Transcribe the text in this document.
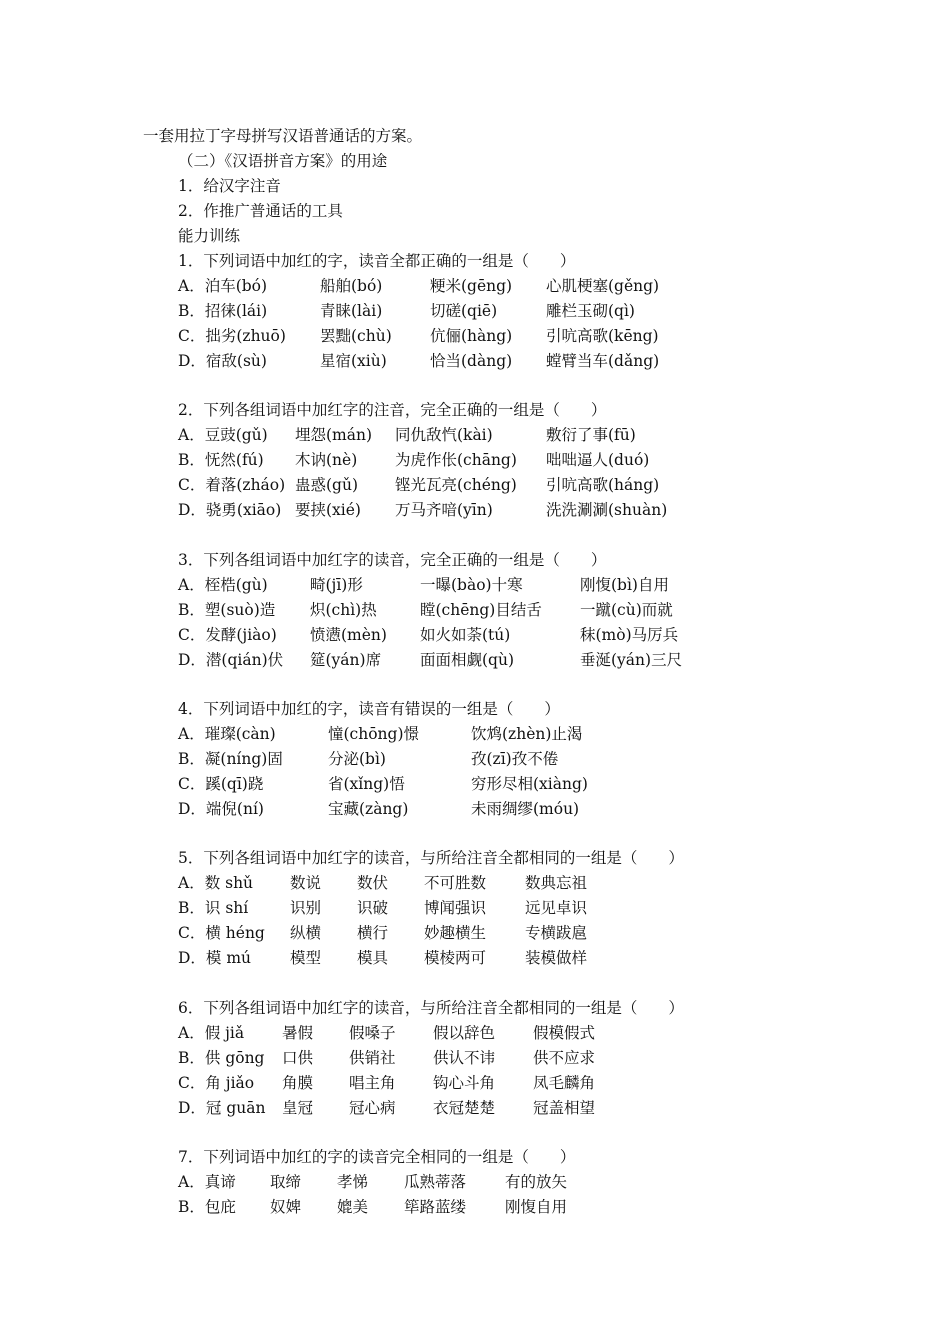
一套用拉丁字母拼写汉语普通话的方案。
（二）《汉语拼音方案》的用途
1．给汉字注音
2．作推广普通话的工具
能力训练
1．下列词语中加红的字，读音全都正确的一组是（　　）
A．泊车(bó)	船舶(bó)	粳米(gēng) 心肌梗塞(gěng)
B．招徕(lái)	青睐(lài)	切磋(qiē)	雕栏玉砌(qì)
C．拙劣(zhuō) 罢黜(chù) 伉俪(hàng) 引吭高歌(kēng)
D．宿敌(sù)	星宿(xiù)	恰当(dàng) 螳臂当车(dǎng)
2．下列各组词语中加红字的注音，完全正确的一组是（　　）
A．豆豉(gǔ) 埋怨(mán) 同仇敌忾(kài)	敷衍了事(fū)
B．怃然(fú) 木讷(nè) 为虎作伥(chāng) 咄咄逼人(duó)
C．着落(zháo) 蛊惑(gǔ) 铿光瓦亮(chéng) 引吭高歌(háng)
D．骁勇(xiāo) 要挟(xié) 万马齐喑(yīn)	洗洗涮涮(shuàn)
3．下列各组词语中加红字的读音，完全正确的一组是（　　）
A．桎梏(gù)	畸(jī)形	一曝(bào)十寒	刚愎(bì)自用
B．塑(suò)造 炽(chì)热	瞠(chēng)目结舌 一蹴(cù)而就
C．发酵(jiào) 愤懑(mèn) 如火如荼(tú)	秣(mò)马厉兵
D．潜(qián)伏 筵(yán)席	面面相觑(qù)	垂涎(yán)三尺
4．下列词语中加红的字，读音有错误的一组是（　　）
A．璀璨(càn)	憧(chōng)憬	饮鸩(zhèn)止渴
B．凝(níng)固	分泌(bì)	孜(zī)孜不倦
C．蹊(qī)跷	省(xǐng)悟	穷形尽相(xiàng)
D．端倪(ní)	宝藏(zàng)	未雨绸缪(móu)
5．下列各组词语中加红字的读音，与所给注音全都相同的一组是（　　）
A．数 shǔ 数说 数伏 不可胜数	数典忘祖
B．识 shí	识别 识破 博闻强识	远见卓识
C．横 héng 纵横 横行 妙趣横生	专横跋扈
D．模 mú	模型 模具 模棱两可	装模做样
6．下列各组词语中加红字的读音，与所给注音全都相同的一组是（　　）
A．假 jiǎ 暑假 假嗓子 假以辞色 假模假式
B．供 gōng 口供 供销社 供认不讳 供不应求
C．角 jiǎo 角膜 唱主角 钩心斗角 凤毛麟角
D．冠 guān 皇冠 冠心病 衣冠楚楚 冠盖相望
7．下列词语中加红的字的读音完全相同的一组是（　　）
A．真谛 取缔 孝悌 瓜熟蒂落	有的放矢
B．包庇 奴婢 媲美 筚路蓝缕	刚愎自用
